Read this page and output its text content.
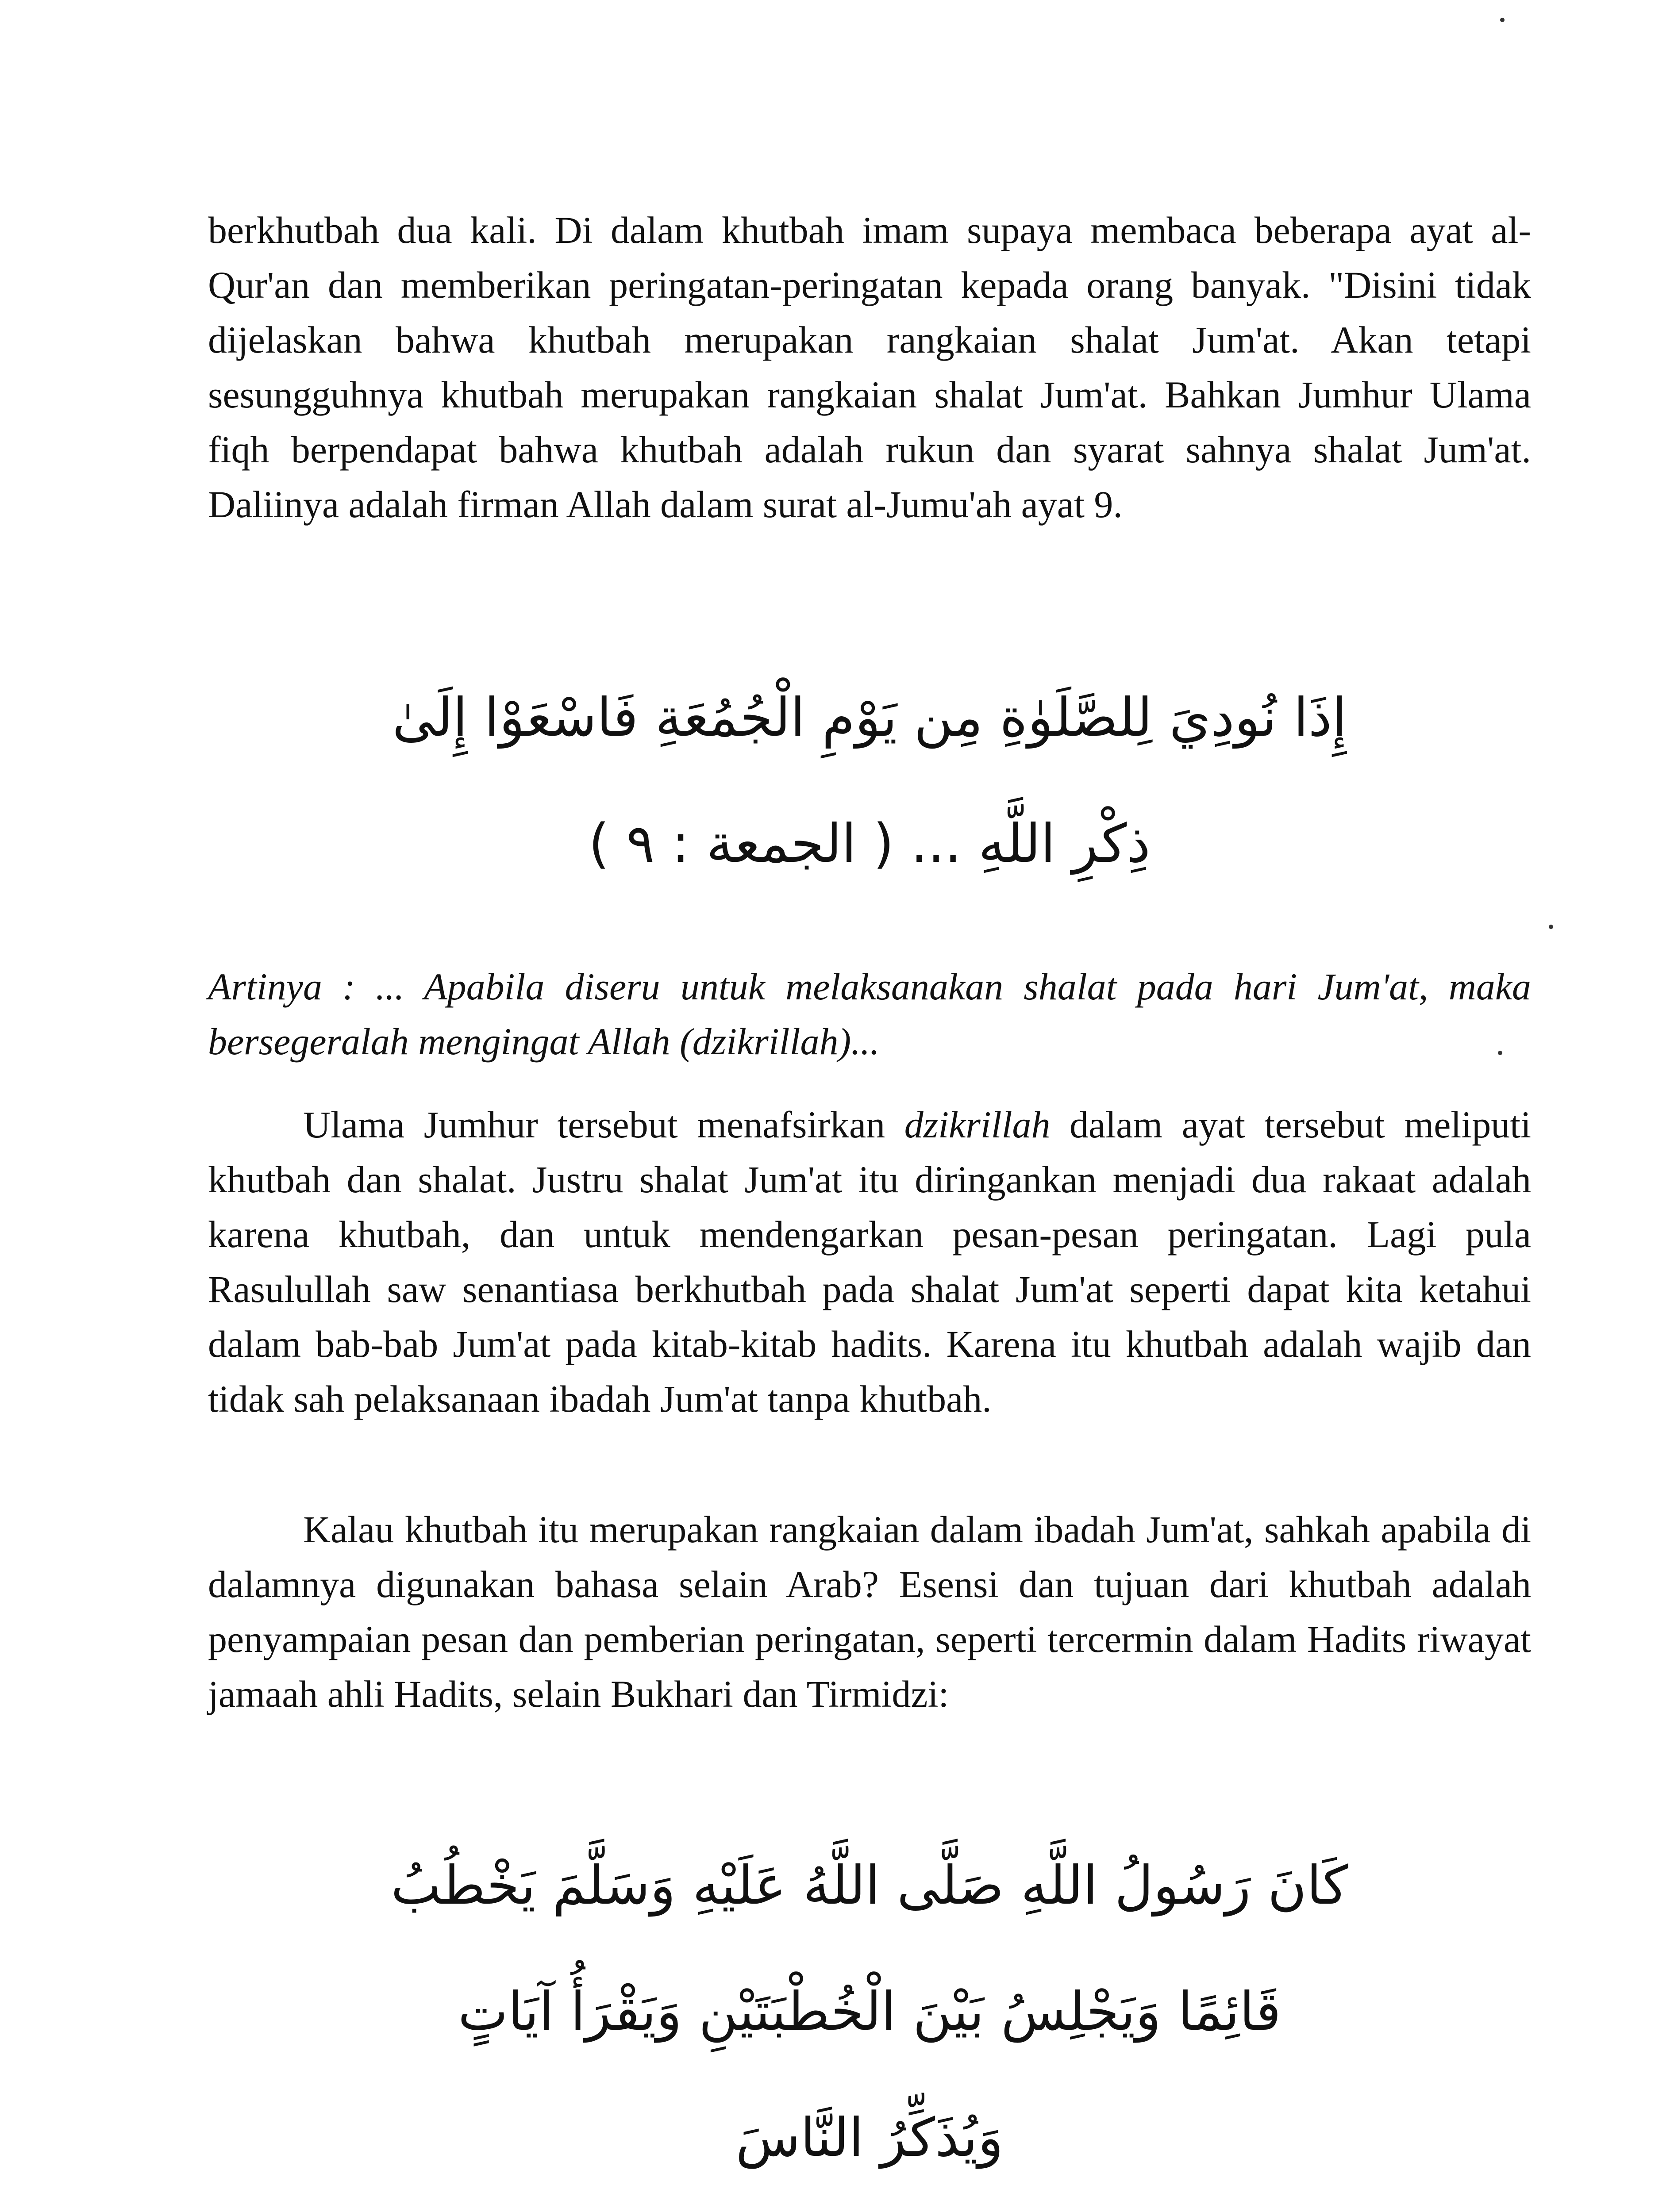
berkhutbah dua kali. Di dalam khutbah imam supaya membaca beberapa ayat al-Qur'an dan memberikan peringatan-peringatan kepada orang banyak. "Disini tidak dijelaskan bahwa khutbah merupakan rangkaian shalat Jum'at. Akan tetapi sesungguhnya khutbah merupakan rangkaian shalat Jum'at. Bahkan Jumhur Ulama fiqh berpendapat bahwa khutbah adalah rukun dan syarat sahnya shalat Jum'at. Daliinya adalah firman Allah dalam surat al-Jumu'ah ayat 9.

إِذَا نُودِيَ لِلصَّلَوٰةِ مِن يَوْمِ الْجُمُعَةِ فَاسْعَوْا إِلَىٰ
ذِكْرِ اللَّهِ ... ( الجمعة : ٩ )

Artinya : ... Apabila diseru untuk melaksanakan shalat pada hari Jum'at, maka bersegeralah mengingat Allah (dzikrillah)...

Ulama Jumhur tersebut menafsirkan dzikrillah dalam ayat tersebut meliputi khutbah dan shalat. Justru shalat Jum'at itu diringankan menjadi dua rakaat adalah karena khutbah, dan untuk mendengarkan pesan-pesan peringatan. Lagi pula Rasulullah saw senantiasa berkhutbah pada shalat Jum'at seperti dapat kita ketahui dalam bab-bab Jum'at pada kitab-kitab hadits. Karena itu khutbah adalah wajib dan tidak sah pelaksanaan ibadah Jum'at tanpa khutbah.

Kalau khutbah itu merupakan rangkaian dalam ibadah Jum'at, sahkah apabila di dalamnya digunakan bahasa selain Arab? Esensi dan tujuan dari khutbah adalah penyampaian pesan dan pemberian peringatan, seperti tercermin dalam Hadits riwayat jamaah ahli Hadits, selain Bukhari dan Tirmidzi:

كَانَ رَسُولُ اللَّهِ صَلَّى اللَّهُ عَلَيْهِ وَسَلَّمَ يَخْطُبُ
قَائِمًا وَيَجْلِسُ بَيْنَ الْخُطْبَتَيْنِ وَيَقْرَأُ آيَاتٍ
وَيُذَكِّرُ النَّاسَ
